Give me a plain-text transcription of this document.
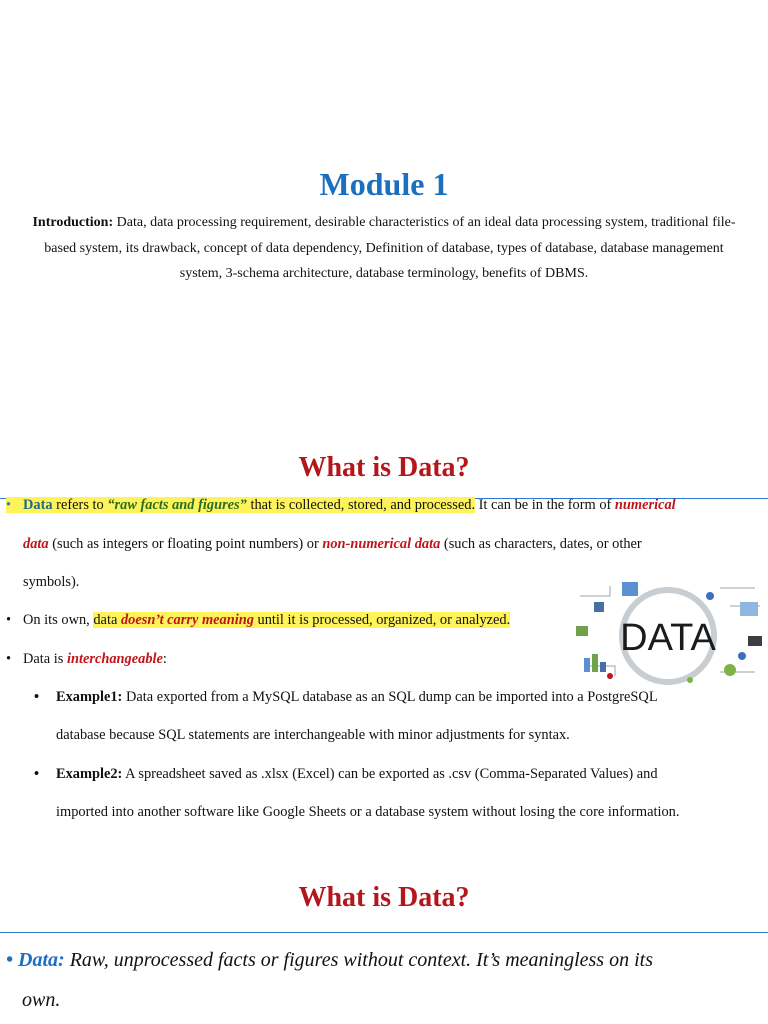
Module 1
Introduction: Data, data processing requirement, desirable characteristics of an ideal data processing system, traditional file-based system, its drawback, concept of data dependency, Definition of database, types of database, database management system, 3-schema architecture, database terminology, benefits of DBMS.
What is Data?
• Data refers to “raw facts and figures” that is collected, stored, and processed. It can be in the form of numerical
data (such as integers or floating point numbers) or non-numerical data (such as characters, dates, or other
symbols).
• On its own, data doesn’t carry meaning until it is processed, organized, or analyzed.
• Data is interchangeable:
• Example1: Data exported from a MySQL database as an SQL dump can be imported into a PostgreSQL
database because SQL statements are interchangeable with minor adjustments for syntax.
• Example2: A spreadsheet saved as .xlsx (Excel) can be exported as .csv (Comma-Separated Values) and
imported into another software like Google Sheets or a database system without losing the core information.
DATA
What is Data?
• Data: Raw, unprocessed facts or figures without context. It’s meaningless on its
own.
